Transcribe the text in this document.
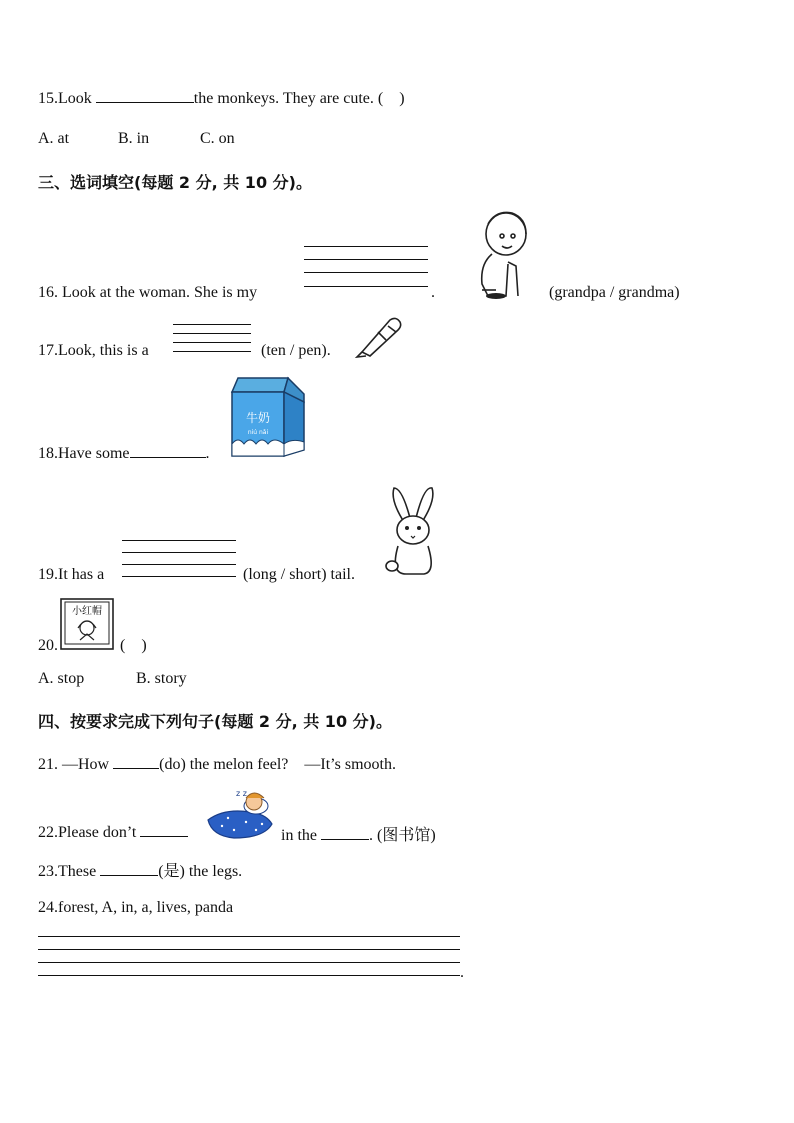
15.Look	the monkeys. They are cute. (    )
A. at	B. in	C. on
三、选词填空(每题 2 分, 共 10 分)。
16. Look at the woman. She is my	.	(grandpa / grandma)
17.Look, this is a	(ten / pen).
18.Have some	.
牛奶
niú nǎi
19.It has a	(long / short) tail.
小红帽
20.	(    )
A. stop	B. story
四、按要求完成下列句子(每题 2 分, 共 10 分)。
21. —How	(do) the melon feel? —It’s smooth.
22.Please don’t
z z
in the	. (图书馆)
23.These	(是) the legs.
24.forest, A, in, a, lives, panda
.
